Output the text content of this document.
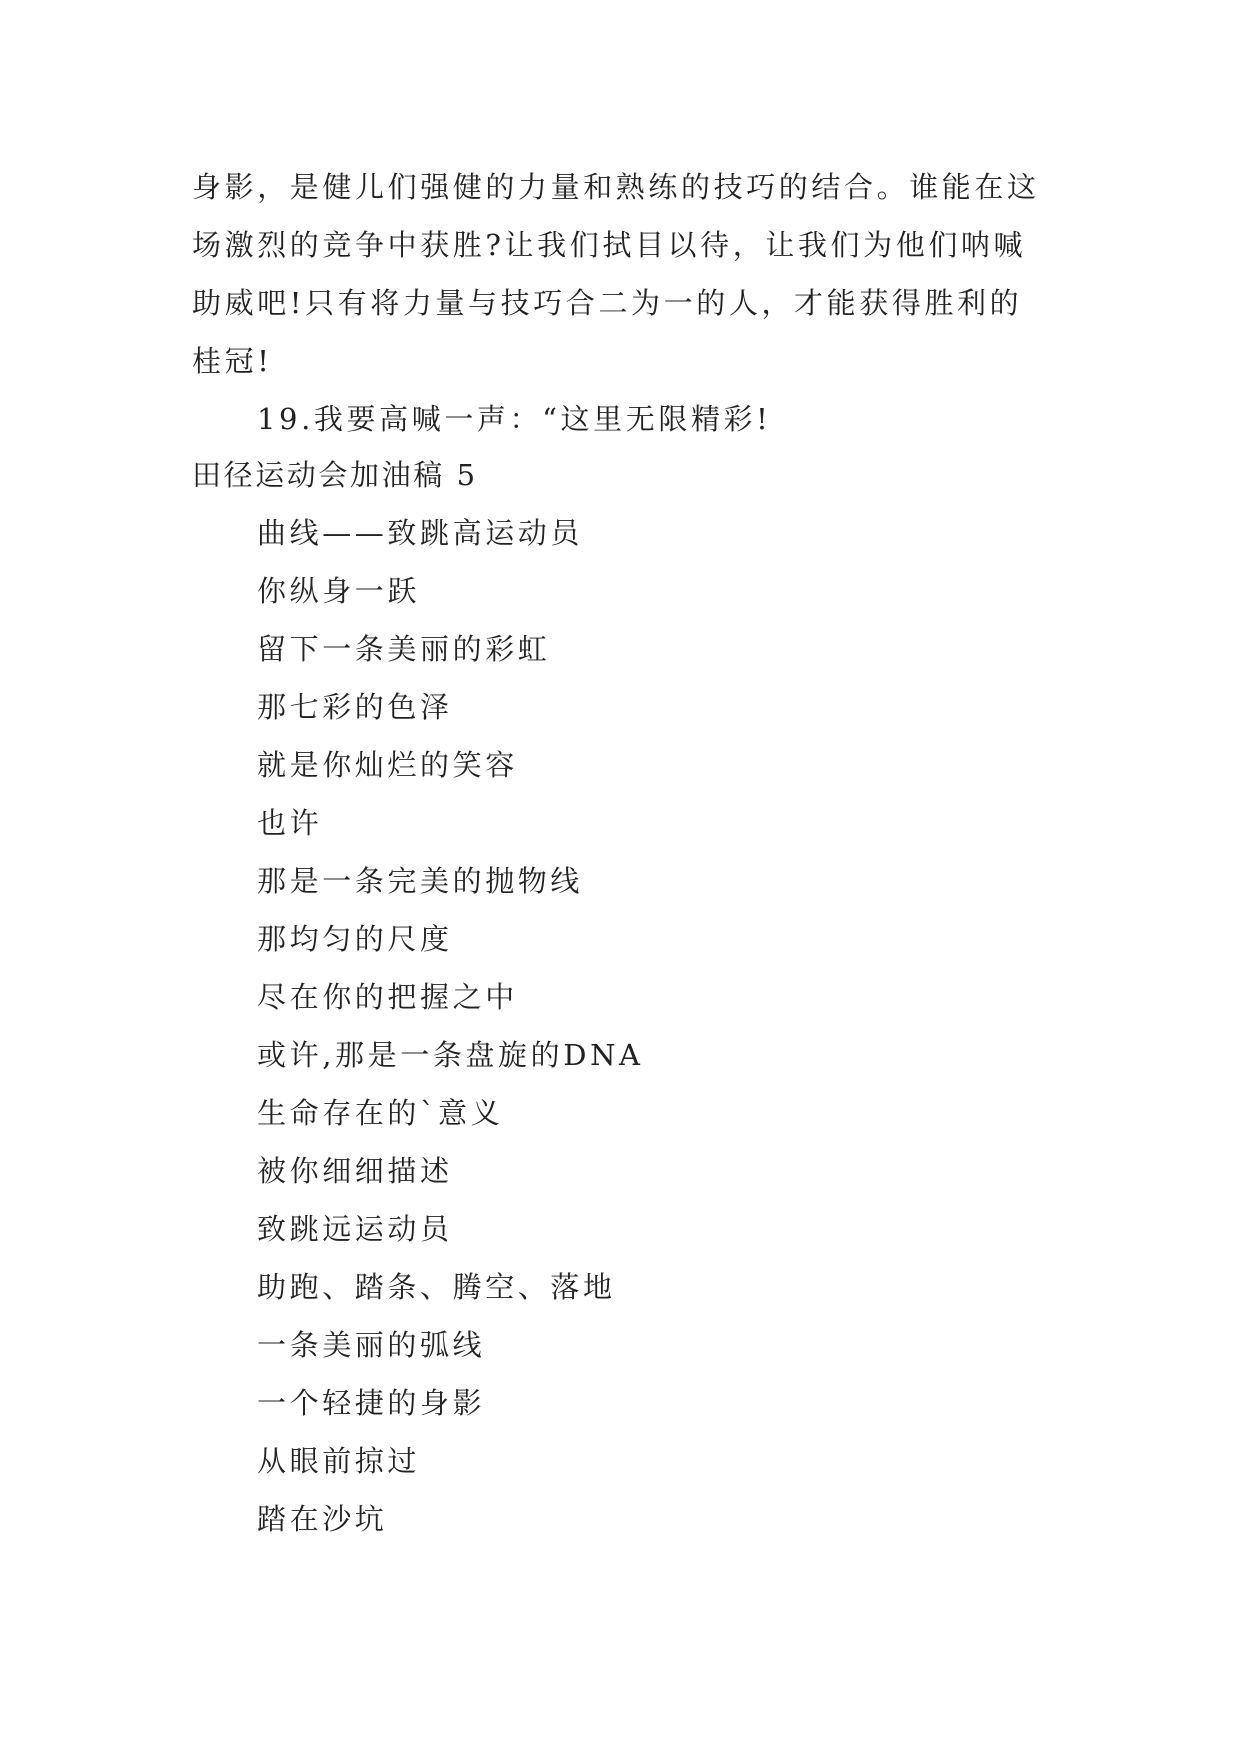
身影，是健儿们强健的力量和熟练的技巧的结合。谁能在这
场激烈的竞争中获胜?让我们拭目以待，让我们为他们呐喊
助威吧!只有将力量与技巧合二为一的人，才能获得胜利的
桂冠!
19.我要高喊一声：“这里无限精彩!
田径运动会加油稿 5
曲线——致跳高运动员
你纵身一跃
留下一条美丽的彩虹
那七彩的色泽
就是你灿烂的笑容
也许
那是一条完美的抛物线
那均匀的尺度
尽在你的把握之中
或许,那是一条盘旋的DNA
生命存在的`意义
被你细细描述
致跳远运动员
助跑、踏条、腾空、落地
一条美丽的弧线
一个轻捷的身影
从眼前掠过
踏在沙坑
